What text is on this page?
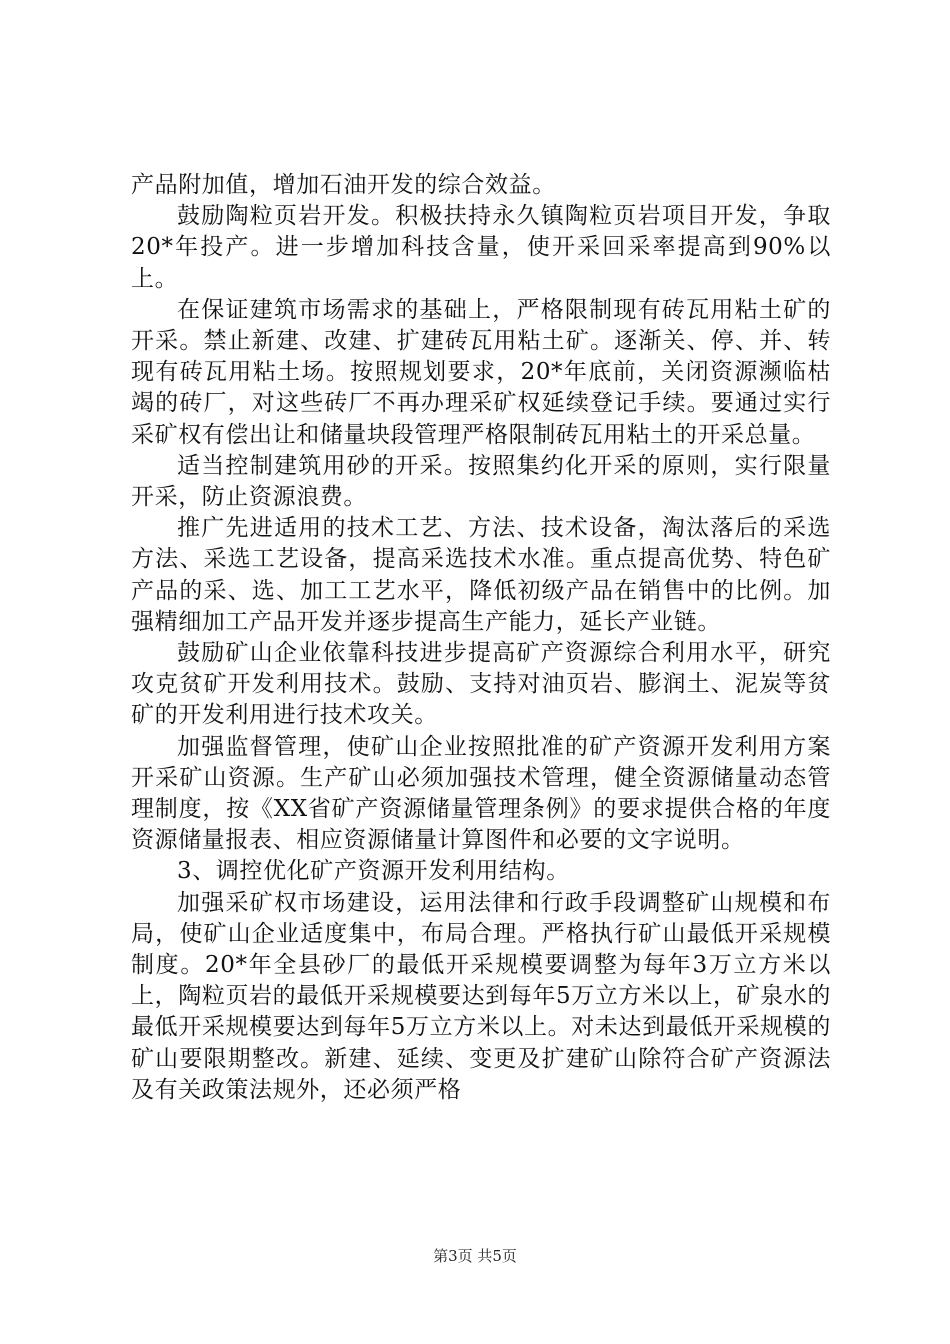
产品附加值，增加石油开发的综合效益。

鼓励陶粒页岩开发。积极扶持永久镇陶粒页岩项目开发，争取20*年投产。进一步增加科技含量，使开采回采率提高到90%以上。

在保证建筑市场需求的基础上，严格限制现有砖瓦用粘土矿的开采。禁止新建、改建、扩建砖瓦用粘土矿。逐渐关、停、并、转现有砖瓦用粘土场。按照规划要求，20*年底前，关闭资源濒临枯竭的砖厂，对这些砖厂不再办理采矿权延续登记手续。要通过实行采矿权有偿出让和储量块段管理严格限制砖瓦用粘土的开采总量。

适当控制建筑用砂的开采。按照集约化开采的原则，实行限量开采，防止资源浪费。

推广先进适用的技术工艺、方法、技术设备，淘汰落后的采选方法、采选工艺设备，提高采选技术水准。重点提高优势、特色矿产品的采、选、加工工艺水平，降低初级产品在销售中的比例。加强精细加工产品开发并逐步提高生产能力，延长产业链。

鼓励矿山企业依靠科技进步提高矿产资源综合利用水平，研究攻克贫矿开发利用技术。鼓励、支持对油页岩、膨润土、泥炭等贫矿的开发利用进行技术攻关。

加强监督管理，使矿山企业按照批准的矿产资源开发利用方案开采矿山资源。生产矿山必须加强技术管理，健全资源储量动态管理制度，按《XX省矿产资源储量管理条例》的要求提供合格的年度资源储量报表、相应资源储量计算图件和必要的文字说明。

3、调控优化矿产资源开发利用结构。

加强采矿权市场建设，运用法律和行政手段调整矿山规模和布局，使矿山企业适度集中，布局合理。严格执行矿山最低开采规模制度。20*年全县砂厂的最低开采规模要调整为每年3万立方米以上，陶粒页岩的最低开采规模要达到每年5万立方米以上，矿泉水的最低开采规模要达到每年5万立方米以上。对未达到最低开采规模的矿山要限期整改。新建、延续、变更及扩建矿山除符合矿产资源法及有关政策法规外，还必须严格

第3页 共5页
